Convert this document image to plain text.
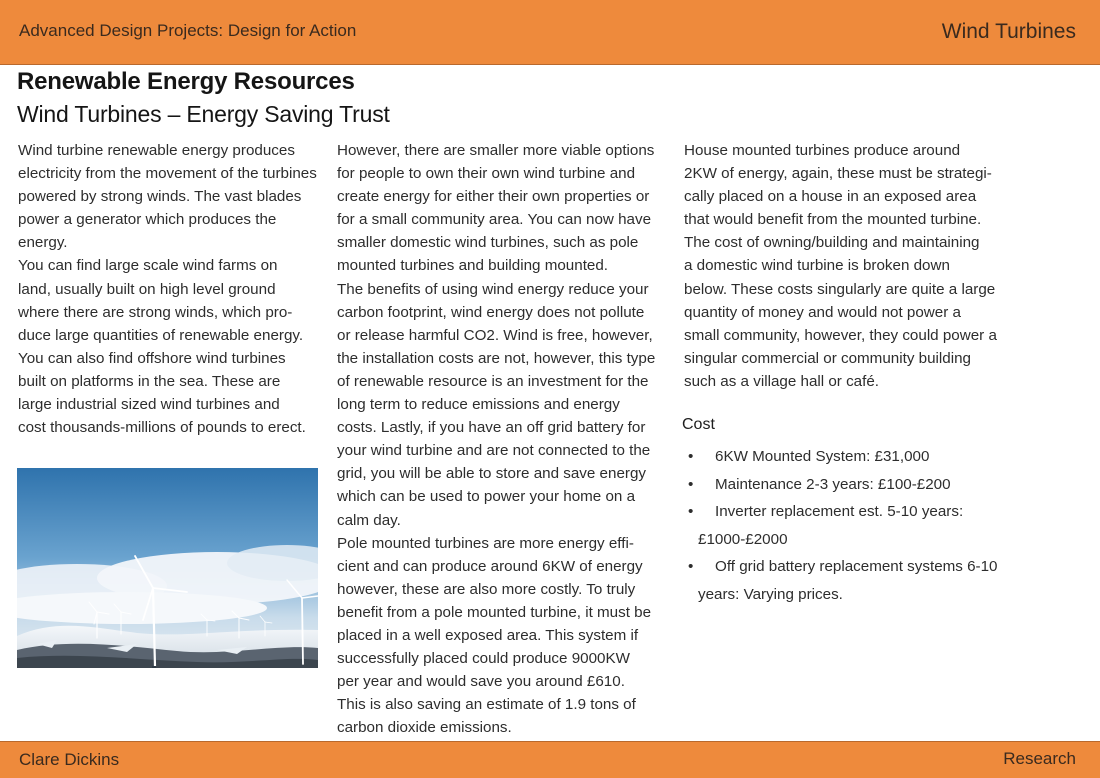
Advanced Design Projects: Design for Action	Wind Turbines
Renewable Energy Resources
Wind Turbines – Energy Saving Trust

Wind turbine renewable energy produces

electricity from the movement of the turbines

powered by strong winds. The vast blades

power a generator which produces the

energy.

You can find large scale wind farms on

land, usually built on high level ground

where there are strong winds, which pro-

duce large quantities of renewable energy.

You can also find offshore wind turbines

built on platforms in the sea. These are

large industrial sized wind turbines and

cost thousands-millions of pounds to erect.

However, there are smaller more viable options

for people to own their own wind turbine and

create energy for either their own properties or

for a small community area. You can now have

smaller domestic wind turbines, such as pole

mounted turbines and building mounted.

The benefits of using wind energy reduce your

carbon footprint, wind energy does not pollute

or release harmful CO2. Wind is free, however,

the installation costs are not, however, this type

of renewable resource is an investment for the

long term to reduce emissions and energy

costs. Lastly, if you have an off grid battery for

your wind turbine and are not connected to the

grid, you will be able to store and save energy

which can be used to power your home on a

calm day.

Pole mounted turbines are more energy effi-

cient and can produce around 6KW of energy

however, these are also more costly. To truly

benefit from a pole mounted turbine, it must be

placed in a well exposed area. This system if

successfully placed could produce 9000KW

per year and would save you around £610.

This is also saving an estimate of 1.9 tons of

carbon dioxide emissions.

House mounted turbines produce around

2KW of energy, again, these must be strategi-

cally placed on a house in an exposed area

that would benefit from the mounted turbine.

The cost of owning/building and maintaining

a domestic wind turbine is broken down

below. These costs singularly are quite a large

quantity of money and would not power a

small community, however, they could power a

singular commercial or community building

such as a village hall or café.

Cost
• 6KW Mounted System: £31,000
• Maintenance 2-3 years: £100-£200
• Inverter replacement est. 5-10 years:
£1000-£2000
• Off grid battery replacement systems 6-10
years: Varying prices.
Clare Dickins	Research
